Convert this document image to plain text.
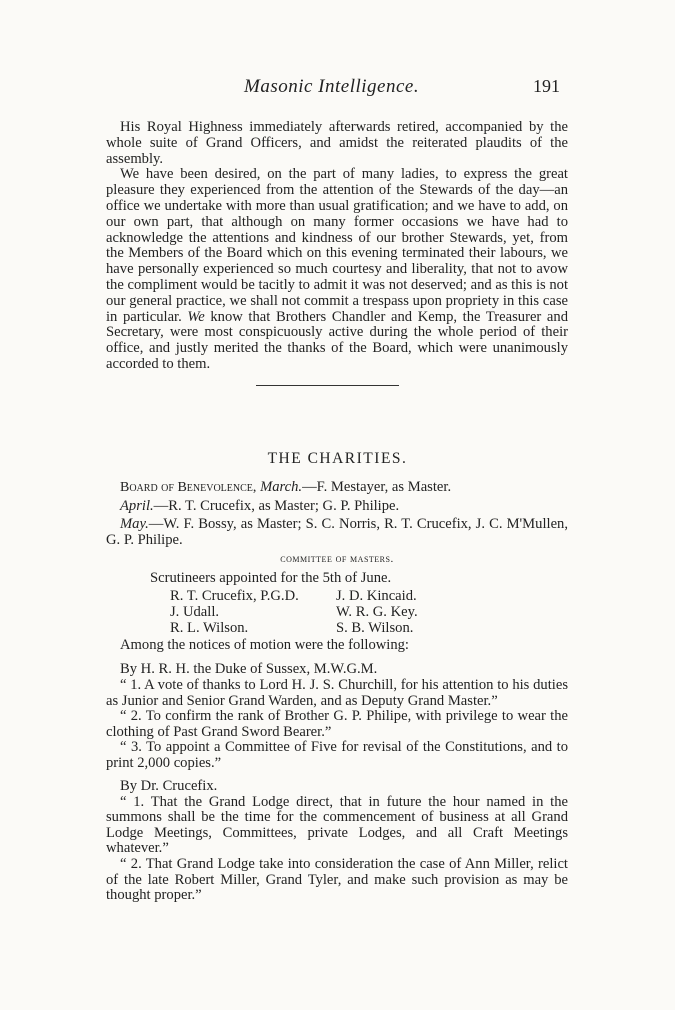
Masonic Intelligence.	191

His Royal Highness immediately afterwards retired, accompanied by the whole suite of Grand Officers, and amidst the reiterated plaudits of the assembly.

We have been desired, on the part of many ladies, to express the great pleasure they experienced from the attention of the Stewards of the day—an office we undertake with more than usual gratification; and we have to add, on our own part, that although on many former occasions we have had to acknowledge the attentions and kindness of our brother Stewards, yet, from the Members of the Board which on this evening terminated their labours, we have personally experienced so much courtesy and liberality, that not to avow the compliment would be tacitly to admit it was not deserved; and as this is not our general practice, we shall not commit a trespass upon propriety in this case in particular. We know that Brothers Chandler and Kemp, the Treasurer and Secretary, were most conspicuously active during the whole period of their office, and justly merited the thanks of the Board, which were unanimously accorded to them.

THE CHARITIES.

Board of Benevolence, March.—F. Mestayer, as Master.

April.—R. T. Crucefix, as Master; G. P. Philipe.

May.—W. F. Bossy, as Master; S. C. Norris, R. T. Crucefix, J. C. M'Mullen, G. P. Philipe.

committee of masters.

Scrutineers appointed for the 5th of June.

R. T. Crucefix, P.G.D.	J. D. Kincaid.
J. Udall.	W. R. G. Key.
R. L. Wilson.	S. B. Wilson.

Among the notices of motion were the following:

By H. R. H. the Duke of Sussex, M.W.G.M.

“ 1. A vote of thanks to Lord H. J. S. Churchill, for his attention to his duties as Junior and Senior Grand Warden, and as Deputy Grand Master.”

“ 2. To confirm the rank of Brother G. P. Philipe, with privilege to wear the clothing of Past Grand Sword Bearer.”

“ 3. To appoint a Committee of Five for revisal of the Constitutions, and to print 2,000 copies.”

By Dr. Crucefix.

“ 1. That the Grand Lodge direct, that in future the hour named in the summons shall be the time for the commencement of business at all Grand Lodge Meetings, Committees, private Lodges, and all Craft Meetings whatever.”

“ 2. That Grand Lodge take into consideration the case of Ann Miller, relict of the late Robert Miller, Grand Tyler, and make such provision as may be thought proper.”
